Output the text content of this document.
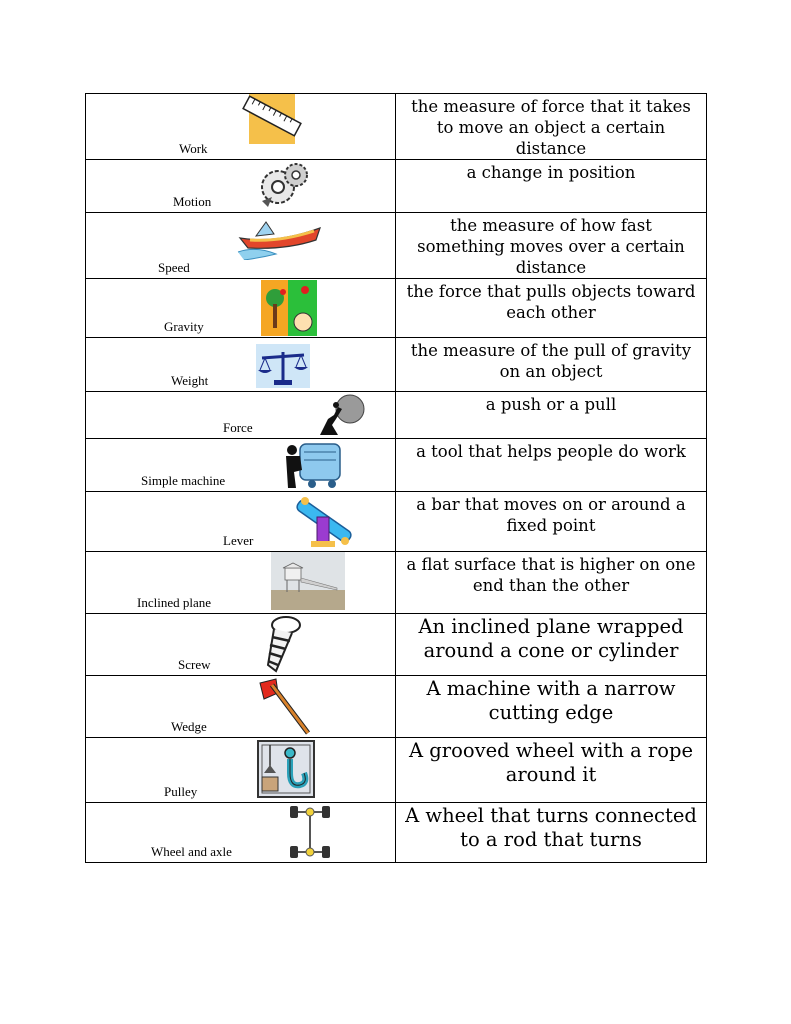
Work	the measure of force that it takes to move an object a certain distance

Motion	a change in position

Speed	the measure of how fast something moves over a certain distance

Gravity	the force that pulls objects toward each other

Weight	the measure of the pull of gravity on an object

Force	a push or a pull

Simple machine	a tool that helps people do work

Lever	a bar that moves on or around a fixed point

Inclined plane	a flat surface that is higher on one end than the other

Screw	An inclined plane wrapped around a cone or cylinder

Wedge	A machine with a narrow cutting edge

Pulley	A grooved wheel with a rope around it

Wheel and axle	A wheel that turns connected to a rod that turns
